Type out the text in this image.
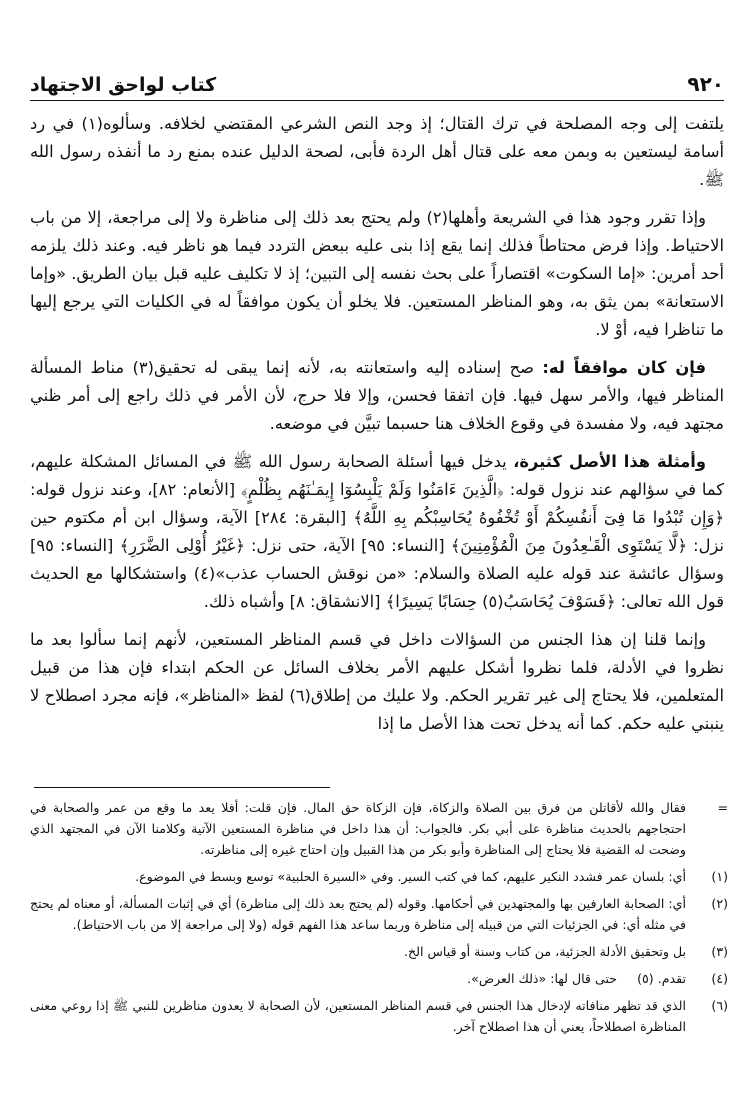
٩٢٠
كتاب لواحق الاجتهاد

يلتفت إلى وجه المصلحة في ترك القتال؛ إذ وجد النص الشرعي المقتضي لخلافه. وسألوه(١) في رد أسامة ليستعين به وبمن معه على قتال أهل الردة فأبى، لصحة الدليل عنده بمنع رد ما أنفذه رسول الله ﷺ.

وإذا تقرر وجود هذا في الشريعة وأهلها(٢) ولم يحتج بعد ذلك إلى مناظرة ولا إلى مراجعة، إلا من باب الاحتياط. وإذا فرض محتاطاً فذلك إنما يقع إذا بنى عليه ببعض التردد فيما هو ناظر فيه. وعند ذلك يلزمه أحد أمرين: «إما السكوت» اقتصاراً على بحث نفسه إلى التبين؛ إذ لا تكليف عليه قبل بيان الطريق. «وإما الاستعانة» بمن يثق به، وهو المناظر المستعين. فلا يخلو أن يكون موافقاً له في الكليات التي يرجع إليها ما تناظرا فيه، أوْ لا.

فإن كان موافقاً له: صح إسناده إليه واستعانته به، لأنه إنما يبقى له تحقيق(٣) مناط المسألة المناظر فيها، والأمر سهل فيها. فإن اتفقا فحسن، وإلا فلا حرج، لأن الأمر في ذلك راجع إلى أمر ظني مجتهد فيه، ولا مفسدة في وقوع الخلاف هنا حسبما تبيَّن في موضعه.

وأمثلة هذا الأصل كثيرة، يدخل فيها أسئلة الصحابة رسول الله ﷺ في المسائل المشكلة عليهم، كما في سؤالهم عند نزول قوله: ﴿الَّذِينَ ءَامَنُوا وَلَمْ يَلْبِسُوٓا إِيمَـٰنَهُم بِظُلْمٍ﴾ [الأنعام: ٨٢]، وعند نزول قوله: ﴿وَإِن تُبْدُوا مَا فِىٓ أَنفُسِكُمْ أَوْ تُخْفُوهُ يُحَاسِبْكُم بِهِ اللَّهُ﴾ [البقرة: ٢٨٤] الآية، وسؤال ابن أم مكتوم حين نزل: ﴿لَّا يَسْتَوِى الْقَـٰعِدُونَ مِنَ الْمُؤْمِنِينَ﴾ [النساء: ٩٥] الآية، حتى نزل: ﴿غَيْرُ أُوْلِى الضَّرَرِ﴾ [النساء: ٩٥] وسؤال عائشة عند قوله عليه الصلاة والسلام: «من نوقش الحساب عذب»(٤) واستشكالها مع الحديث قول الله تعالى: ﴿فَسَوْفَ يُحَاسَبُ(٥) حِسَابًا يَسِيرًا﴾ [الانشقاق: ٨] وأشباه ذلك.

وإنما قلنا إن هذا الجنس من السؤالات داخل في قسم المناظر المستعين، لأنهم إنما سألوا بعد ما نظروا في الأدلة، فلما نظروا أشكل عليهم الأمر بخلاف السائل عن الحكم ابتداء فإن هذا من قبيل المتعلمين، فلا يحتاج إلى غير تقرير الحكم. ولا عليك من إطلاق(٦) لفظ «المناظر»، فإنه مجرد اصطلاح لا ينبني عليه حكم. كما أنه يدخل تحت هذا الأصل ما إذا

=
فقال والله لأقاتلن من فرق بين الصلاة والزكاة، فإن الزكاة حق المال. فإن قلت: أفلا يعد ما وقع من عمر والصحابة في احتجاجهم بالحديث مناظرة على أبي بكر. فالجواب: أن هذا داخل في مناظرة المستعين الآتية وكلامنا الآن في المجتهد الذي وضحت له القضية فلا يحتاج إلى المناظرة وأبو بكر من هذا القبيل وإن احتاج غيره إلى مناظرته.
(١)
أي: بلسان عمر فشدد النكير عليهم، كما في كتب السير. وفي «السيرة الحلبية» توسع وبسط في الموضوع.
(٢)
أي: الصحابة العارفين بها والمجتهدين في أحكامها. وقوله (لم يحتج بعد ذلك إلى مناظرة) أي في إثبات المسألة، أو معناه لم يحتج في مثله أي: في الجزئيات التي من قبيله إلى مناظرة وربما ساعد هذا الفهم قوله (ولا إلى مراجعة إلا من باب الاحتياط).
(٣)
بل وتحقيق الأدلة الجزئية، من كتاب وسنة أو قياس الخ.
(٤)
تقدم. (٥)     حتى قال لها: «ذلك العرض».
(٦)
الذي قد تظهر منافاته لإدخال هذا الجنس في قسم المناظر المستعين، لأن الصحابة لا يعدون مناظرين للنبي ﷺ إذا روعي معنى المناظرة اصطلاحاً، يعني أن هذا اصطلاح آخر.
